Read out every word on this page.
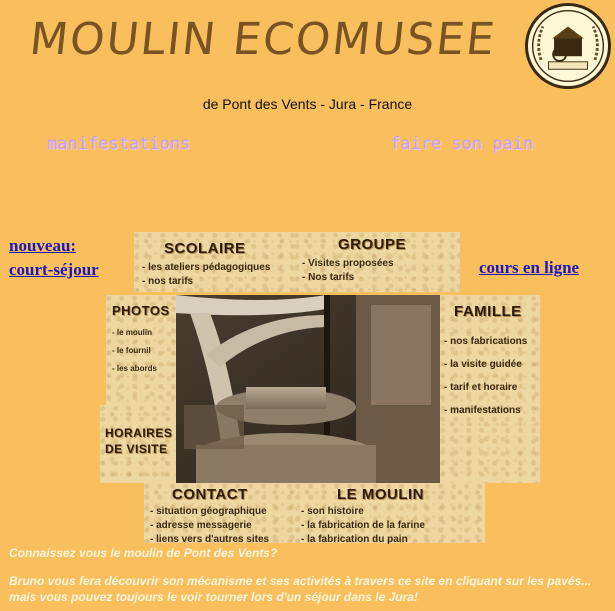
MOULIN ECOMUSEE
de Pont des Vents - Jura - France
manifestations	faire son pain
nouveau:
court-séjour	cours en ligne
SCOLAIRE
- les ateliers pédagogiques
- nos tarifs
GROUPE
- Visites proposées
- Nos tarifs
PHOTOS
- le moulin
- le fournil
- les abords
HORAIRES
DE VISITE
FAMILLE
- nos fabrications
- la visite guidée
- tarif et horaire
- manifestations
CONTACT
- situation géographique
- adresse messagerie
- liens vers d'autres sites
LE MOULIN
- son histoire
- la fabrication de la farine
- la fabrication du pain
Connaissez vous le moulin de Pont des Vents?
Bruno vous fera découvrir son mécanisme et ses activités à travers ce site en cliquant sur les pavés... mais vous pouvez toujours le voir tourner lors d'un séjour dans le Jura!
